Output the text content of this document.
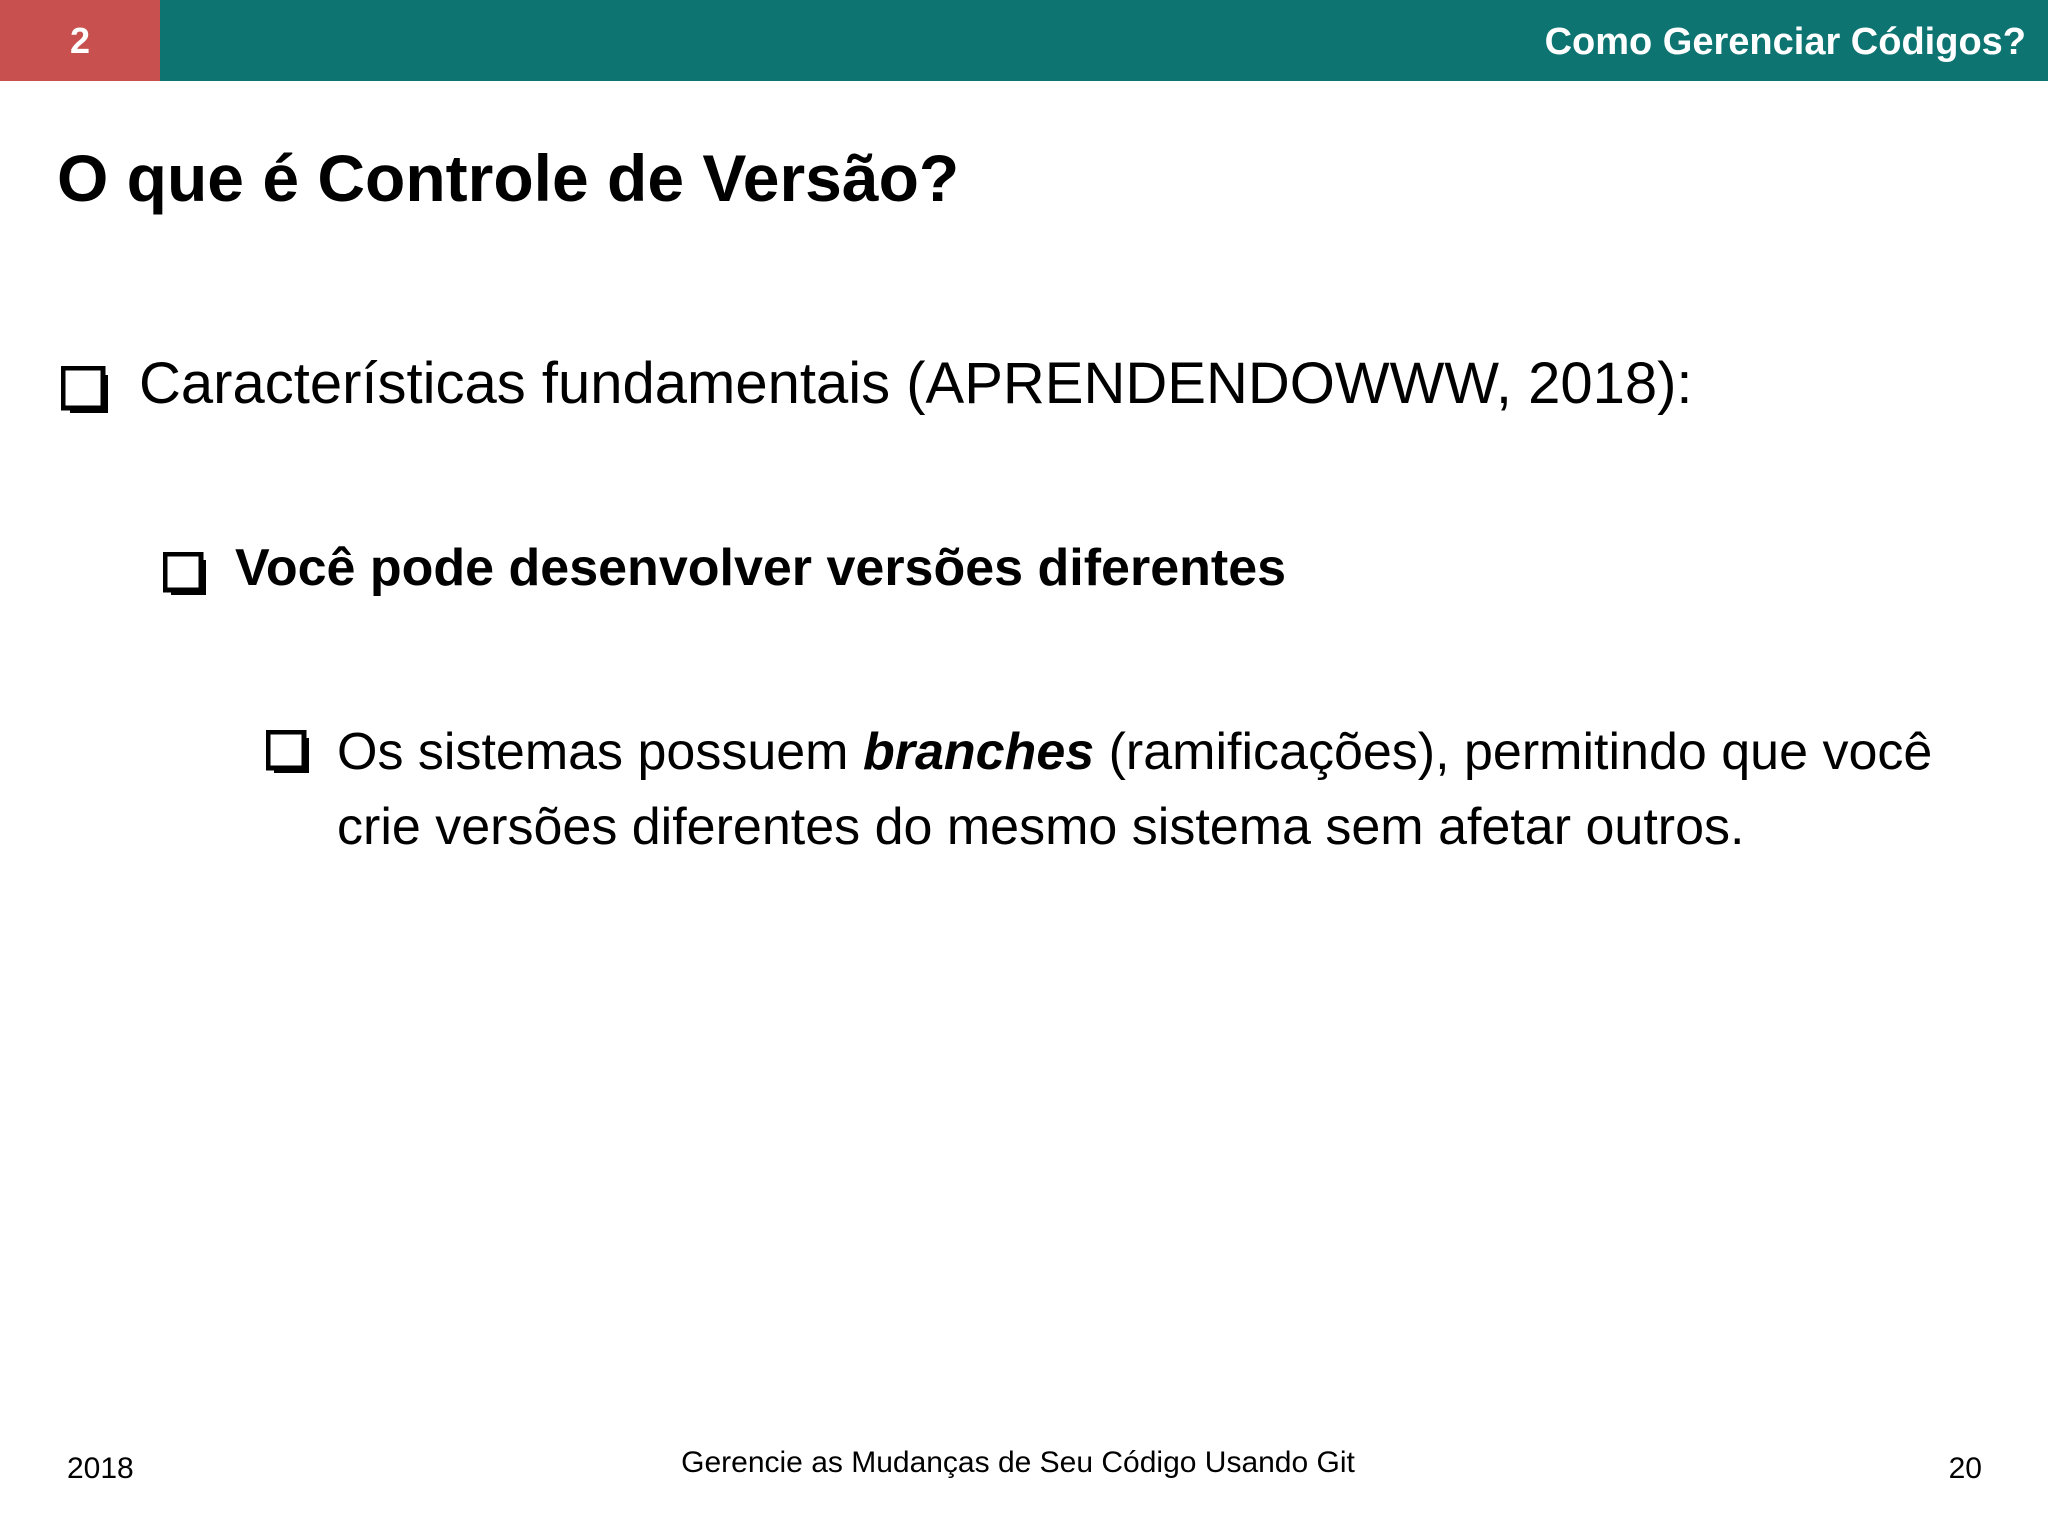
2	Como Gerenciar Códigos?
O que é Controle de Versão?
Características fundamentais (APRENDENDOWWW, 2018):
Você pode desenvolver versões diferentes
Os sistemas possuem branches (ramificações), permitindo que você crie versões diferentes do mesmo sistema sem afetar outros.
2018	Gerencie as Mudanças de Seu Código Usando Git	20
